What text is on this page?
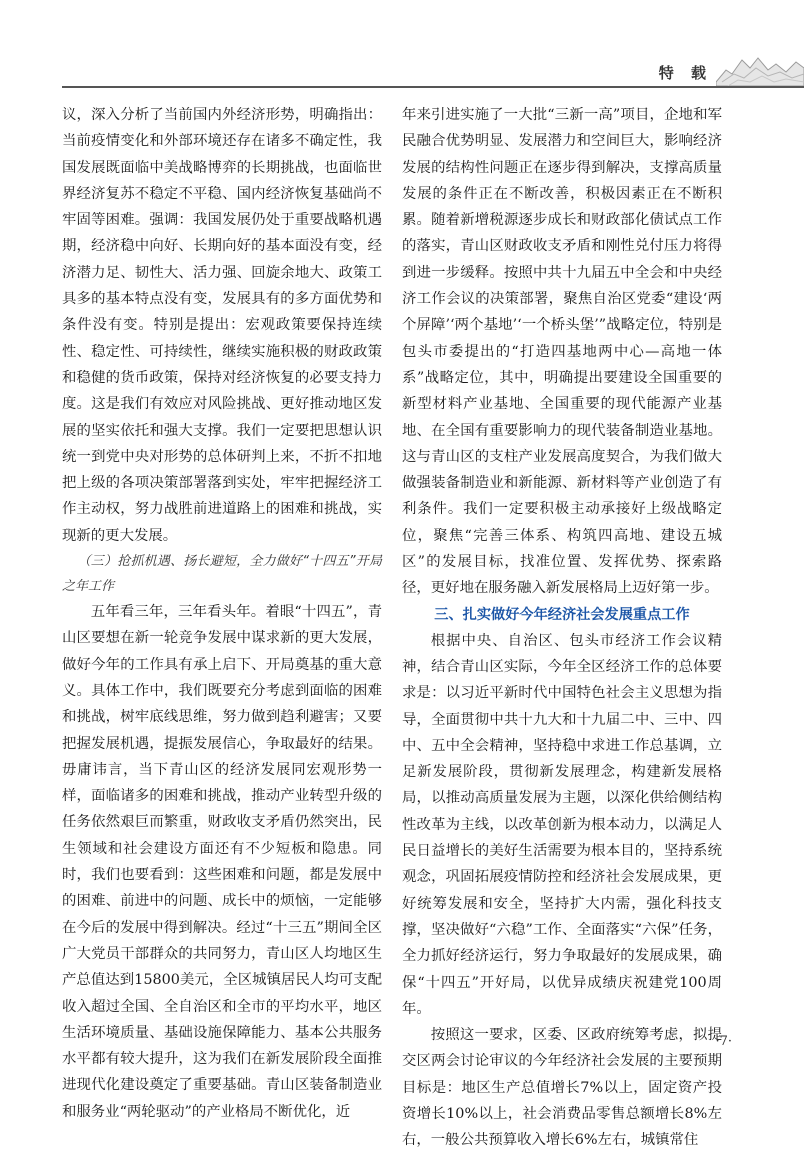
特 载

议，深入分析了当前国内外经济形势，明确指出：当前疫情变化和外部环境还存在诸多不确定性，我国发展既面临中美战略博弈的长期挑战，也面临世界经济复苏不稳定不平稳、国内经济恢复基础尚不牢固等困难。强调：我国发展仍处于重要战略机遇期，经济稳中向好、长期向好的基本面没有变，经济潜力足、韧性大、活力强、回旋余地大、政策工具多的基本特点没有变，发展具有的多方面优势和条件没有变。特别是提出：宏观政策要保持连续性、稳定性、可持续性，继续实施积极的财政政策和稳健的货币政策，保持对经济恢复的必要支持力度。这是我们有效应对风险挑战、更好推动地区发展的坚实依托和强大支撑。我们一定要把思想认识统一到党中央对形势的总体研判上来，不折不扣地把上级的各项决策部署落到实处，牢牢把握经济工作主动权，努力战胜前进道路上的困难和挑战，实现新的更大发展。

（三）抢抓机遇、扬长避短，全力做好“十四五”开局之年工作

五年看三年，三年看头年。着眼“十四五”，青山区要想在新一轮竞争发展中谋求新的更大发展，做好今年的工作具有承上启下、开局奠基的重大意义。具体工作中，我们既要充分考虑到面临的困难和挑战，树牢底线思维，努力做到趋利避害；又要把握发展机遇，提振发展信心，争取最好的结果。毋庸讳言，当下青山区的经济发展同宏观形势一样，面临诸多的困难和挑战，推动产业转型升级的任务依然艰巨而繁重，财政收支矛盾仍然突出，民生领域和社会建设方面还有不少短板和隐患。同时，我们也要看到：这些困难和问题，都是发展中的困难、前进中的问题、成长中的烦恼，一定能够在今后的发展中得到解决。经过“十三五”期间全区广大党员干部群众的共同努力，青山区人均地区生产总值达到15800美元，全区城镇居民人均可支配收入超过全国、全自治区和全市的平均水平，地区生活环境质量、基础设施保障能力、基本公共服务水平都有较大提升，这为我们在新发展阶段全面推进现代化建设奠定了重要基础。青山区装备制造业和服务业“两轮驱动”的产业格局不断优化，近

年来引进实施了一大批“三新一高”项目，企地和军民融合优势明显、发展潜力和空间巨大，影响经济发展的结构性问题正在逐步得到解决，支撑高质量发展的条件正在不断改善，积极因素正在不断积累。随着新增税源逐步成长和财政部化债试点工作的落实，青山区财政收支矛盾和刚性兑付压力将得到进一步缓释。按照中共十九届五中全会和中央经济工作会议的决策部署，聚焦自治区党委“建设‘两个屏障’‘两个基地’‘一个桥头堡’”战略定位，特别是包头市委提出的“打造四基地两中心—高地一体系”战略定位，其中，明确提出要建设全国重要的新型材料产业基地、全国重要的现代能源产业基地、在全国有重要影响力的现代装备制造业基地。这与青山区的支柱产业发展高度契合，为我们做大做强装备制造业和新能源、新材料等产业创造了有利条件。我们一定要积极主动承接好上级战略定位，聚焦“完善三体系、构筑四高地、建设五城区”的发展目标，找准位置、发挥优势、探索路径，更好地在服务融入新发展格局上迈好第一步。

三、扎实做好今年经济社会发展重点工作

根据中央、自治区、包头市经济工作会议精神，结合青山区实际，今年全区经济工作的总体要求是：以习近平新时代中国特色社会主义思想为指导，全面贯彻中共十九大和十九届二中、三中、四中、五中全会精神，坚持稳中求进工作总基调，立足新发展阶段，贯彻新发展理念，构建新发展格局，以推动高质量发展为主题，以深化供给侧结构性改革为主线，以改革创新为根本动力，以满足人民日益增长的美好生活需要为根本目的，坚持系统观念，巩固拓展疫情防控和经济社会发展成果，更好统筹发展和安全，坚持扩大内需，强化科技支撑，坚决做好“六稳”工作、全面落实“六保”任务，全力抓好经济运行，努力争取最好的发展成果，确保“十四五”开好局，以优异成绩庆祝建党100周年。

按照这一要求，区委、区政府统筹考虑，拟提交区两会讨论审议的今年经济社会发展的主要预期目标是：地区生产总值增长7%以上，固定资产投资增长10%以上，社会消费品零售总额增长8%左右，一般公共预算收入增长6%左右，城镇常住

·7·
